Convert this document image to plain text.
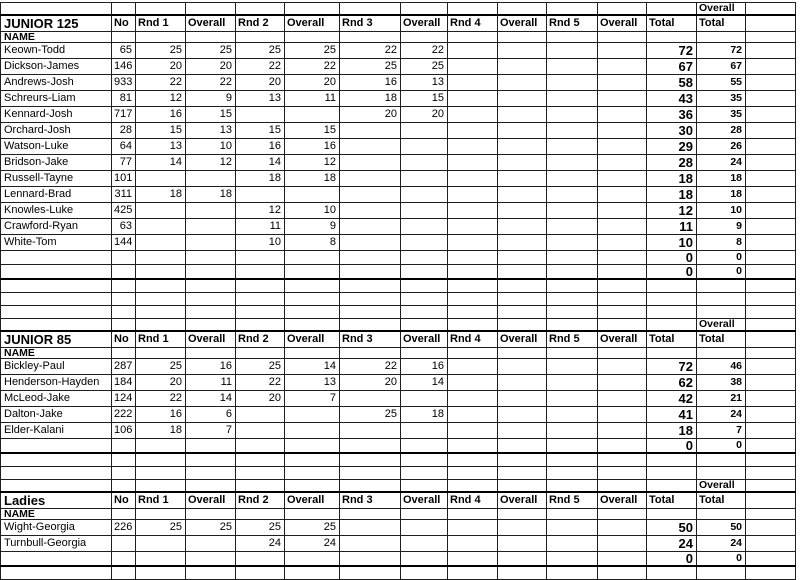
													Overall	
JUNIOR 125	No	Rnd 1	Overall	Rnd 2	Overall	Rnd 3	Overall	Rnd 4	Overall	Rnd 5	Overall	Total	Total	
NAME														
Keown-Todd	65	25	25	25	25	22	22					72	72	
Dickson-James	146	20	20	22	22	25	25					67	67	
Andrews-Josh	933	22	22	20	20	16	13					58	55	
Schreurs-Liam	81	12	9	13	11	18	15					43	35	
Kennard-Josh	717	16	15			20	20					36	35	
Orchard-Josh	28	15	13	15	15							30	28	
Watson-Luke	64	13	10	16	16							29	26	
Bridson-Jake	77	14	12	14	12							28	24	
Russell-Tayne	101			18	18							18	18	
Lennard-Brad	311	18	18									18	18	
Knowles-Luke	425			12	10							12	10	
Crawford-Ryan	63			11	9							11	9	
White-Tom	144			10	8							10	8	
												0	0	
												0	0	

													Overall	
JUNIOR 85	No	Rnd 1	Overall	Rnd 2	Overall	Rnd 3	Overall	Rnd 4	Overall	Rnd 5	Overall	Total	Total	
NAME														
Bickley-Paul	287	25	16	25	14	22	16					72	46	
Henderson-Hayden	184	20	11	22	13	20	14					62	38	
McLeod-Jake	124	22	14	20	7							42	21	
Dalton-Jake	222	16	6			25	18					41	24	
Elder-Kalani	106	18	7									18	7	
												0	0	

													Overall	
Ladies	No	Rnd 1	Overall	Rnd 2	Overall	Rnd 3	Overall	Rnd 4	Overall	Rnd 5	Overall	Total	Total	
NAME														
Wight-Georgia	226	25	25	25	25							50	50	
Turnbull-Georgia				24	24							24	24	
												0	0	
